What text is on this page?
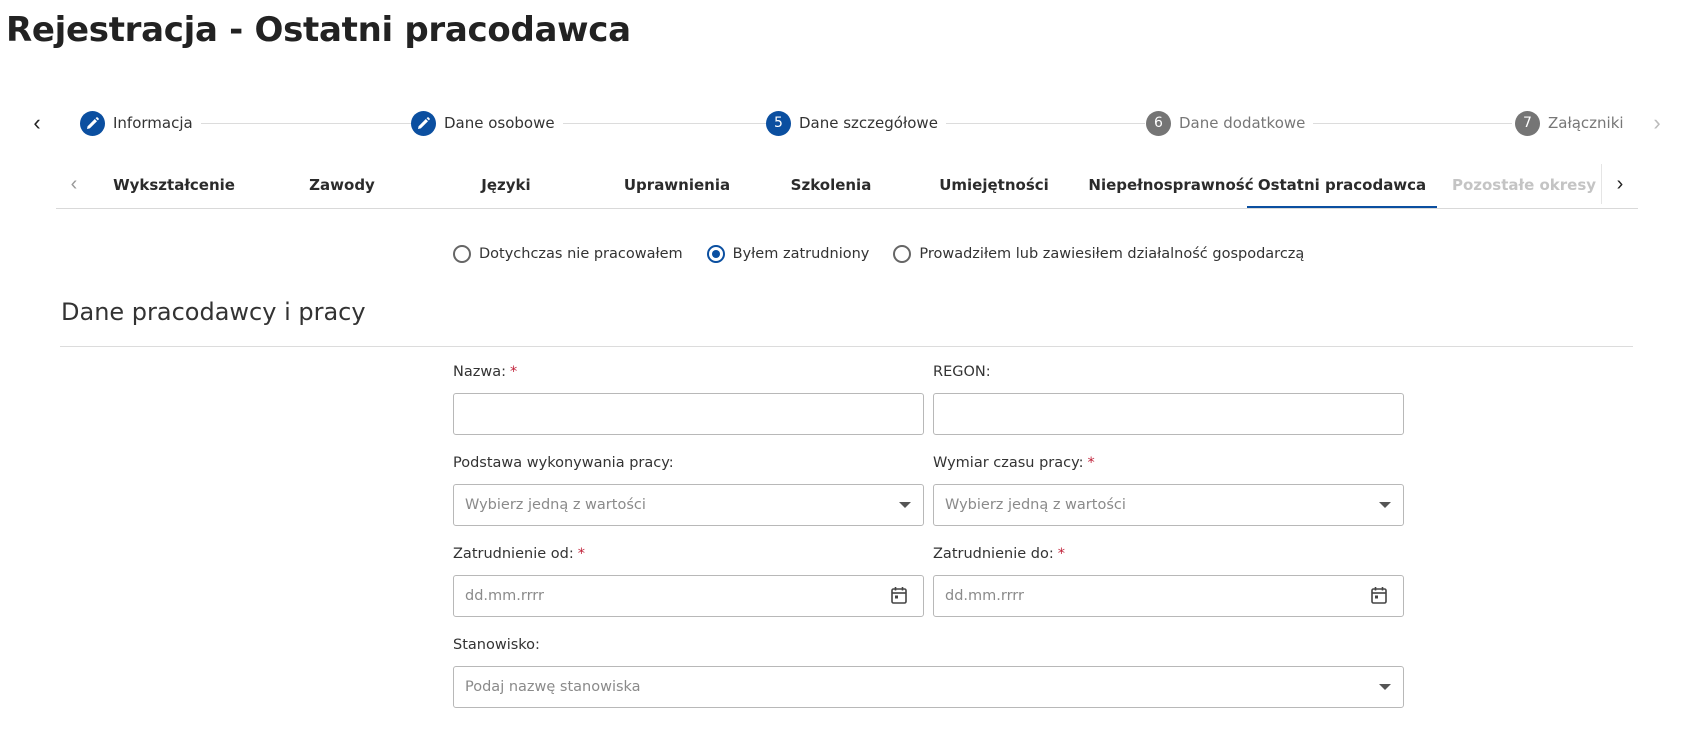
Rejestracja - Ostatni pracodawca
‹	Informacja	Dane osobowe	5	Dane szczegółowe	6	Dane dodatkowe	7	Załączniki ›
‹ Wykształcenie	Zawody	Języki	Uprawnienia	Szkolenia	Umiejętności	Niepełnosprawność Ostatni pracodawca	Pozostałe okresy	›
Dotychczas nie pracowałem	Byłem zatrudniony	Prowadziłem lub zawiesiłem działalność gospodarczą
Dane pracodawcy i pracy
Nazwa: *	REGON:
Podstawa wykonywania pracy:
Wybierz jedną z wartości
Wymiar czasu pracy: *
Wybierz jedną z wartości
Zatrudnienie od: *
dd.mm.rrrr
Zatrudnienie do: *
dd.mm.rrrr
Stanowisko:
Podaj nazwę stanowiska
